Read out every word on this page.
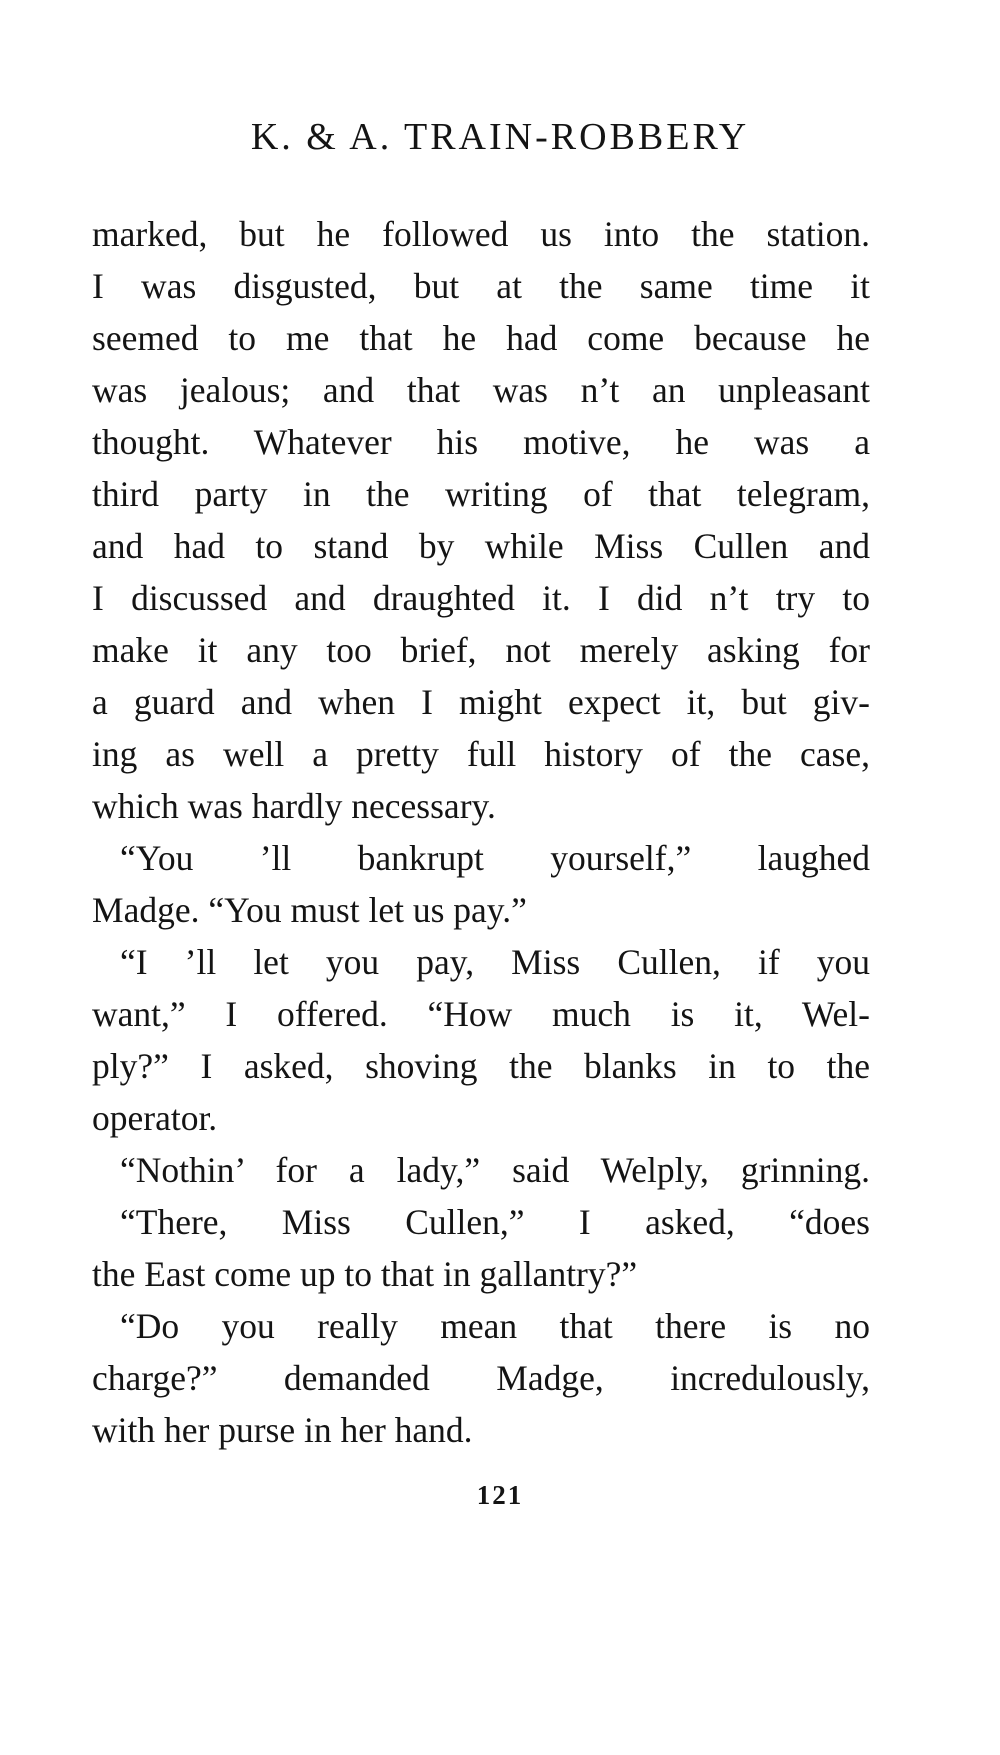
K. & A. TRAIN-ROBBERY
marked, but he followed us into the station.
I was disgusted, but at the same time it
seemed to me that he had come because he
was jealous; and that was n’t an unpleasant
thought. Whatever his motive, he was a
third party in the writing of that telegram,
and had to stand by while Miss Cullen and
I discussed and draughted it. I did n’t try to
make it any too brief, not merely asking for
a guard and when I might expect it, but giv-
ing as well a pretty full history of the case,
which was hardly necessary.
“You ’ll bankrupt yourself,” laughed
Madge. “You must let us pay.”
“I ’ll let you pay, Miss Cullen, if you
want,” I offered. “How much is it, Wel-
ply?” I asked, shoving the blanks in to the
operator.
“Nothin’ for a lady,” said Welply, grinning.
“There, Miss Cullen,” I asked, “does
the East come up to that in gallantry?”
“Do you really mean that there is no
charge?” demanded Madge, incredulously,
with her purse in her hand.
121
